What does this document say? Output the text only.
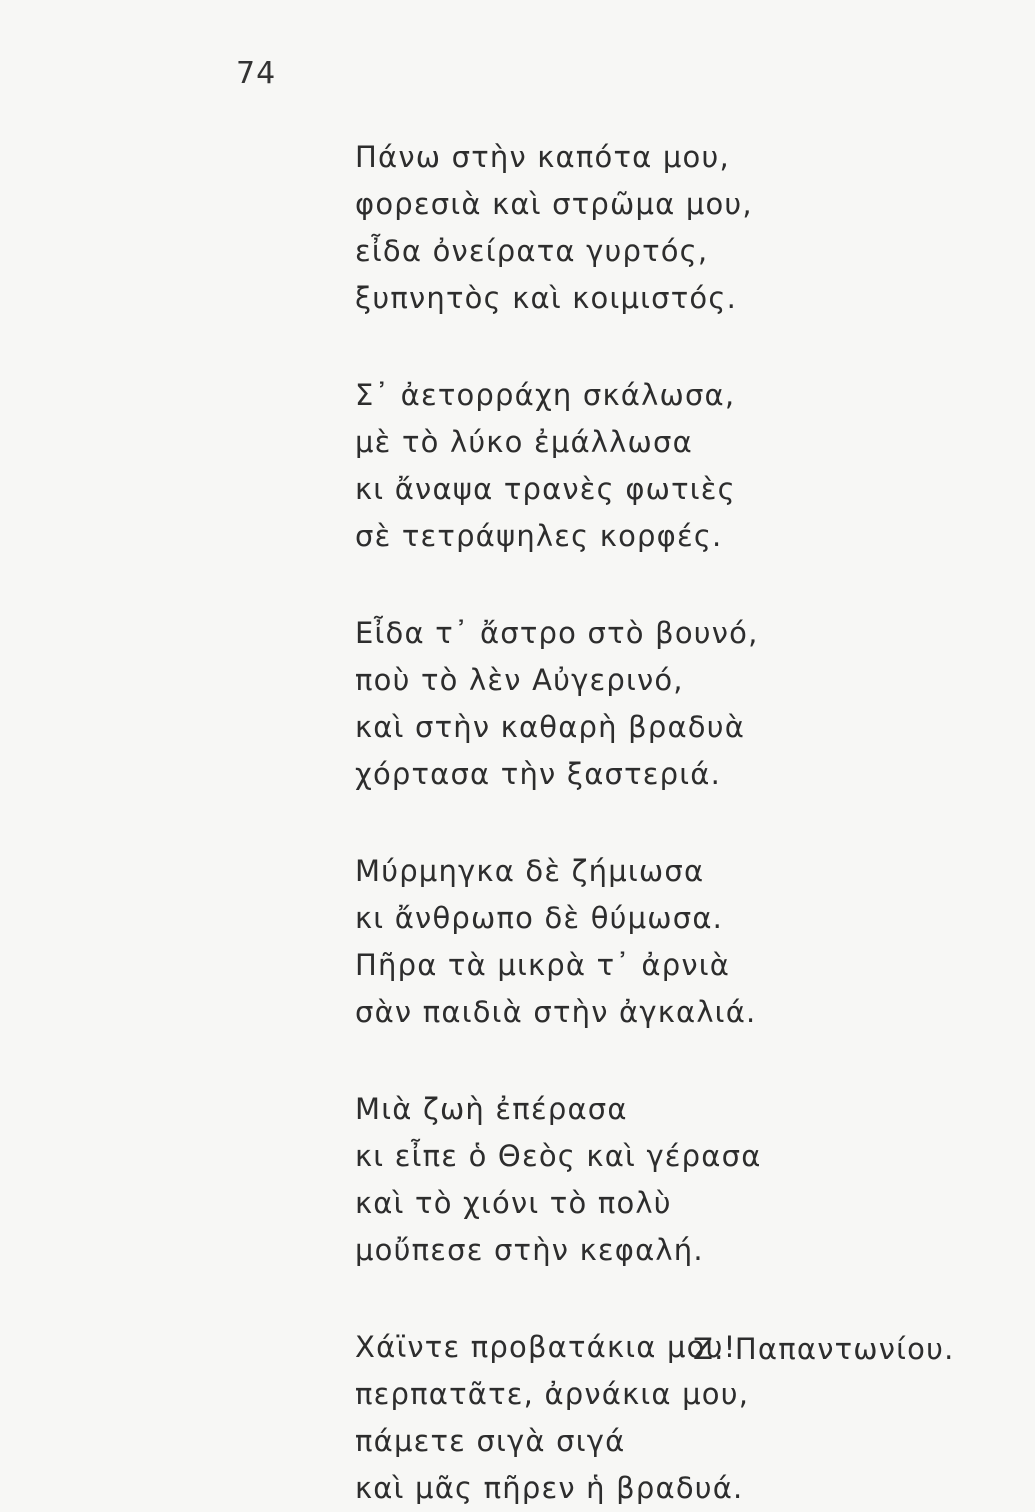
74
Πάνω στὴν καπότα μου,
φορεσιὰ καὶ στρῶμα μου,
εἶδα ὀνείρατα γυρτός,
ξυπνητὸς καὶ κοιμιστός.
Σ᾽ ἀετορράχη σκάλωσα,
μὲ τὸ λύκο ἐμάλλωσα
κι ἄναψα τρανὲς φωτιὲς
σὲ τετράψηλες κορφές.
Εἶδα τ᾽ ἄστρο στὸ βουνό,
ποὺ τὸ λὲν Αὐγερινό,
καὶ στὴν καθαρὴ βραδυὰ
χόρτασα τὴν ξαστεριά.
Μύρμηγκα δὲ ζήμιωσα
κι ἄνθρωπο δὲ θύμωσα.
Πῆρα τὰ μικρὰ τ᾽ ἀρνιὰ
σὰν παιδιὰ στὴν ἀγκαλιά.
Μιὰ ζωὴ ἐπέρασα
κι εἶπε ὁ Θεὸς καὶ γέρασα
καὶ τὸ χιόνι τὸ πολὺ
μοὔπεσε στὴν κεφαλή.
Χάϊντε προβατάκια μου!
περπατᾶτε, ἀρνάκια μου,
πάμετε σιγὰ σιγά
καὶ μᾶς πῆρεν ἡ βραδυά.
Ζ. Παπαντωνίου.
